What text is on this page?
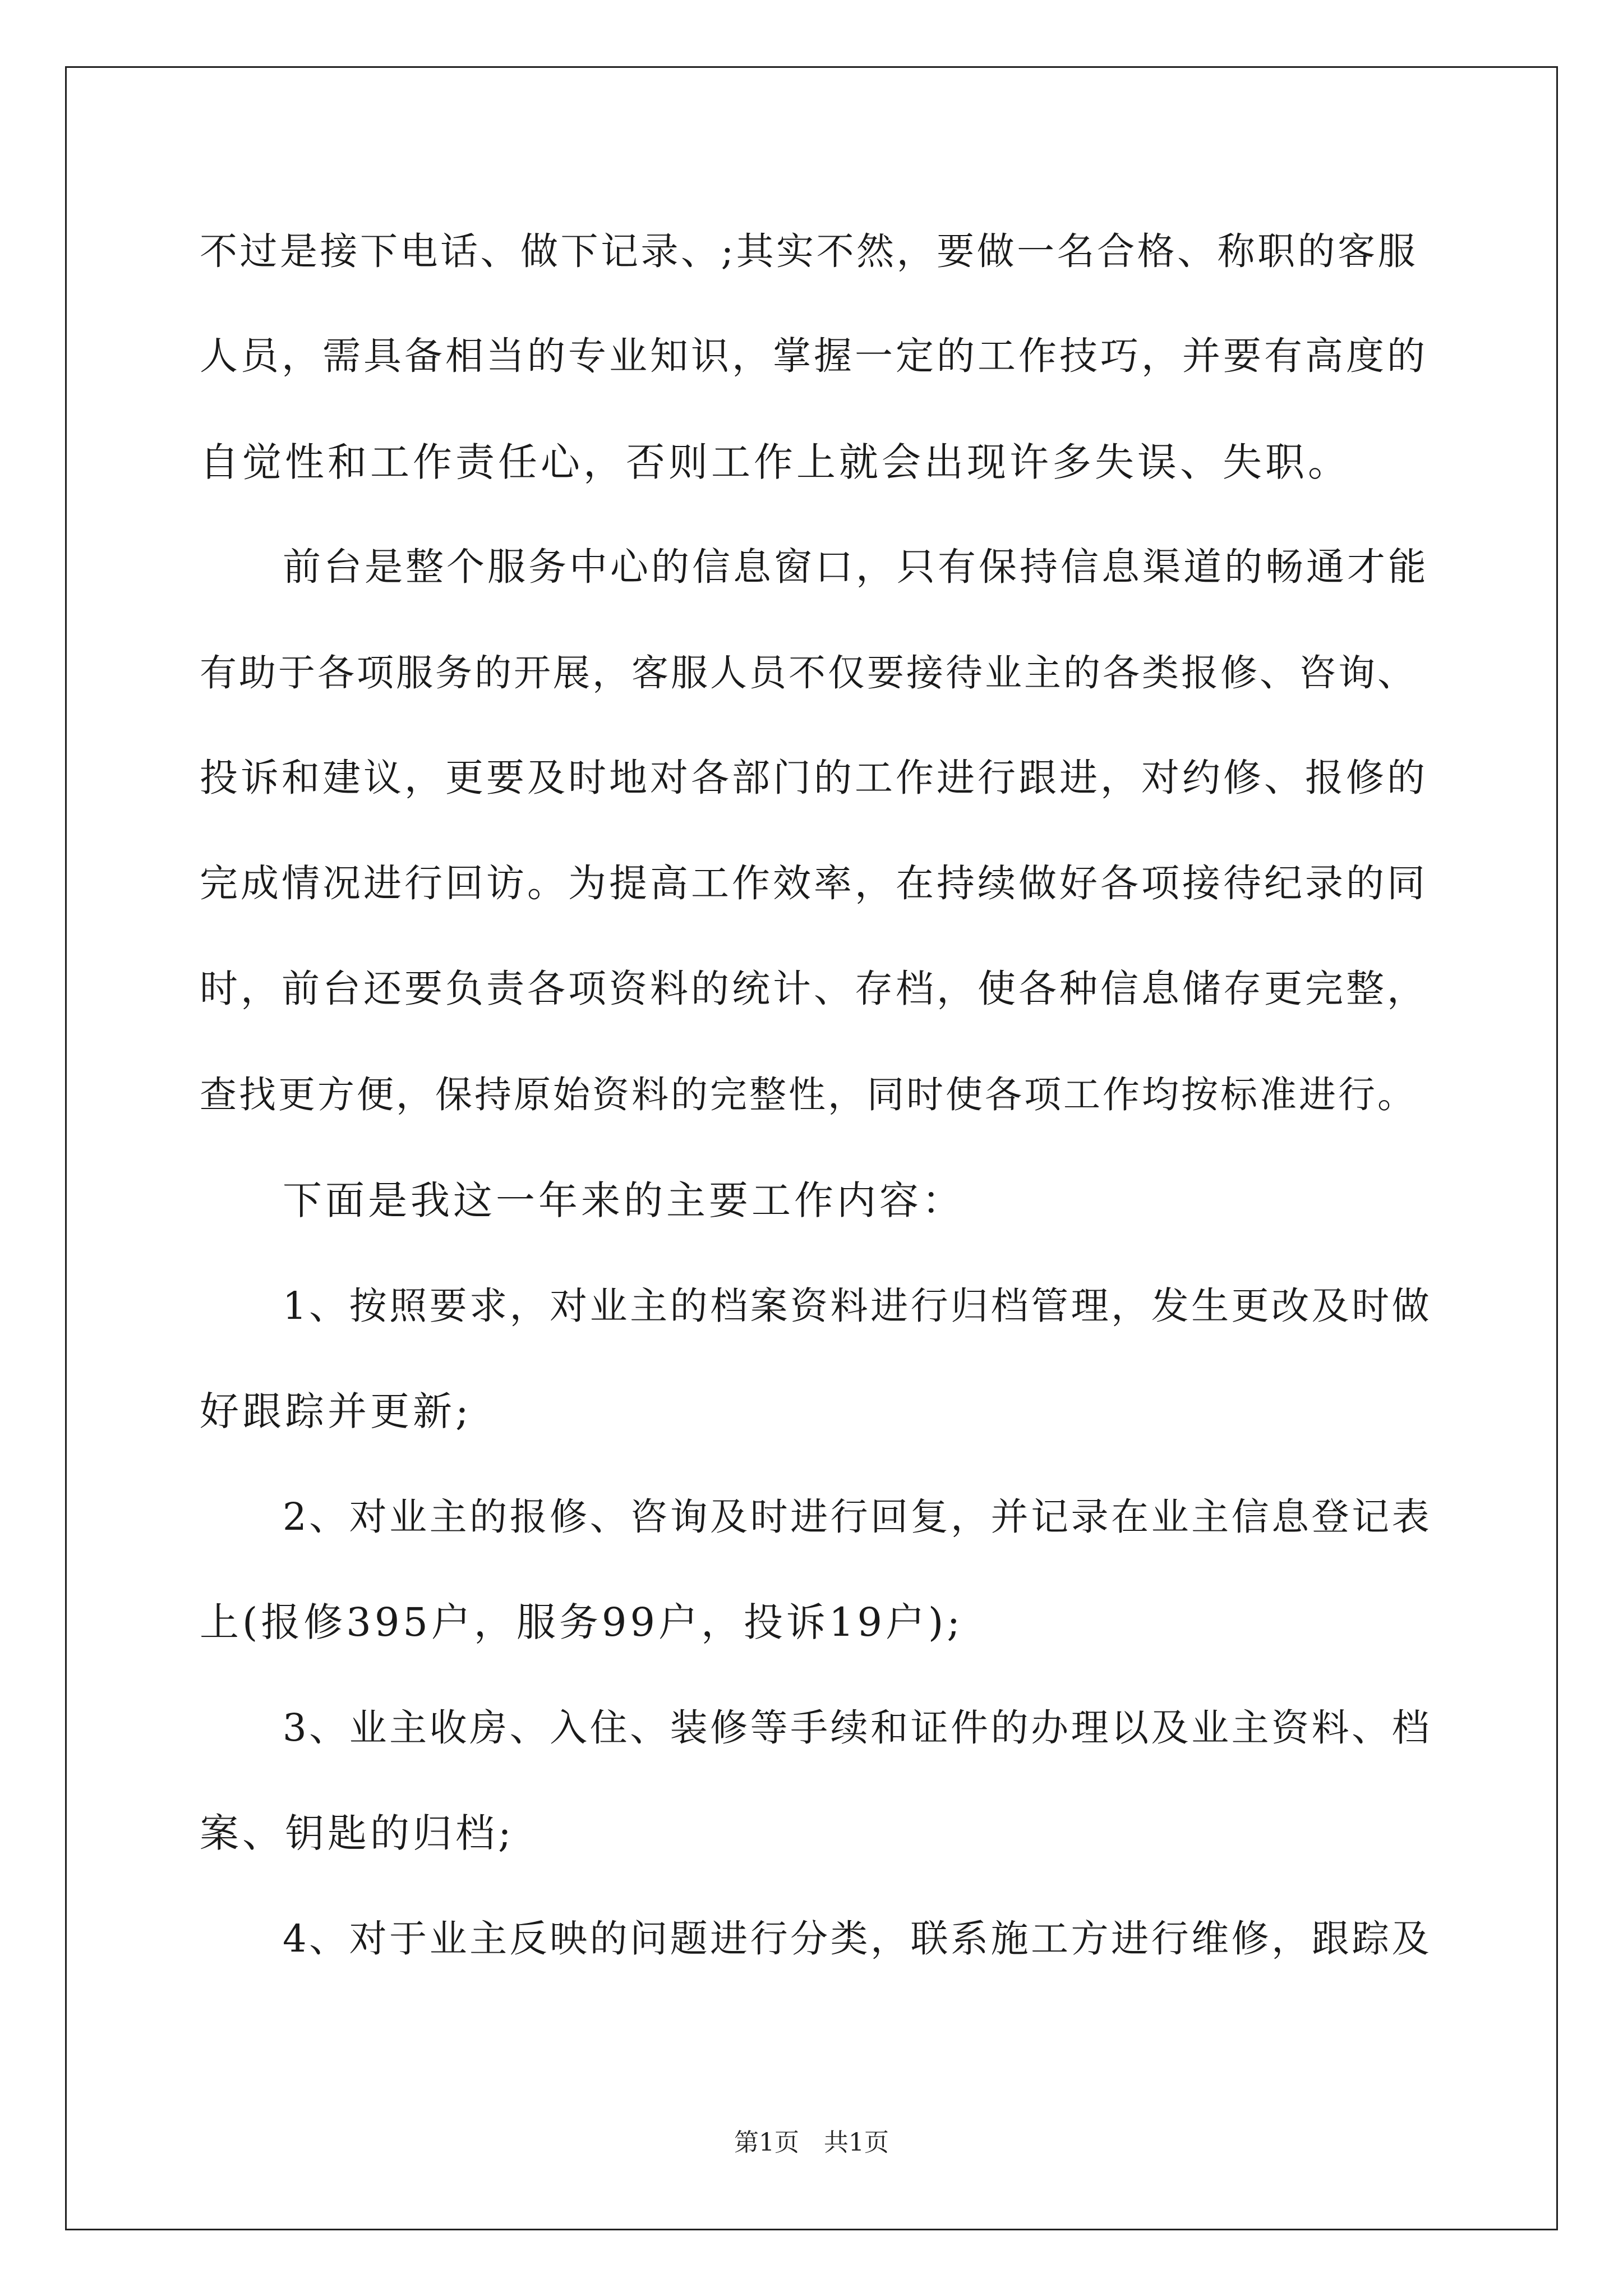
不过是接下电话、做下记录、;其实不然，要做一名合格、称职的客服
人员，需具备相当的专业知识，掌握一定的工作技巧，并要有高度的
自觉性和工作责任心，否则工作上就会出现许多失误、失职。
前台是整个服务中心的信息窗口，只有保持信息渠道的畅通才能
有助于各项服务的开展，客服人员不仅要接待业主的各类报修、咨询、
投诉和建议，更要及时地对各部门的工作进行跟进，对约修、报修的
完成情况进行回访。为提高工作效率，在持续做好各项接待纪录的同
时，前台还要负责各项资料的统计、存档，使各种信息储存更完整，
查找更方便，保持原始资料的完整性，同时使各项工作均按标准进行。
下面是我这一年来的主要工作内容：
1、按照要求，对业主的档案资料进行归档管理，发生更改及时做
好跟踪并更新;
2、对业主的报修、咨询及时进行回复，并记录在业主信息登记表
上(报修395户，服务99户，投诉19户);
3、业主收房、入住、装修等手续和证件的办理以及业主资料、档
案、钥匙的归档;
4、对于业主反映的问题进行分类，联系施工方进行维修，跟踪及
第1页　共1页
